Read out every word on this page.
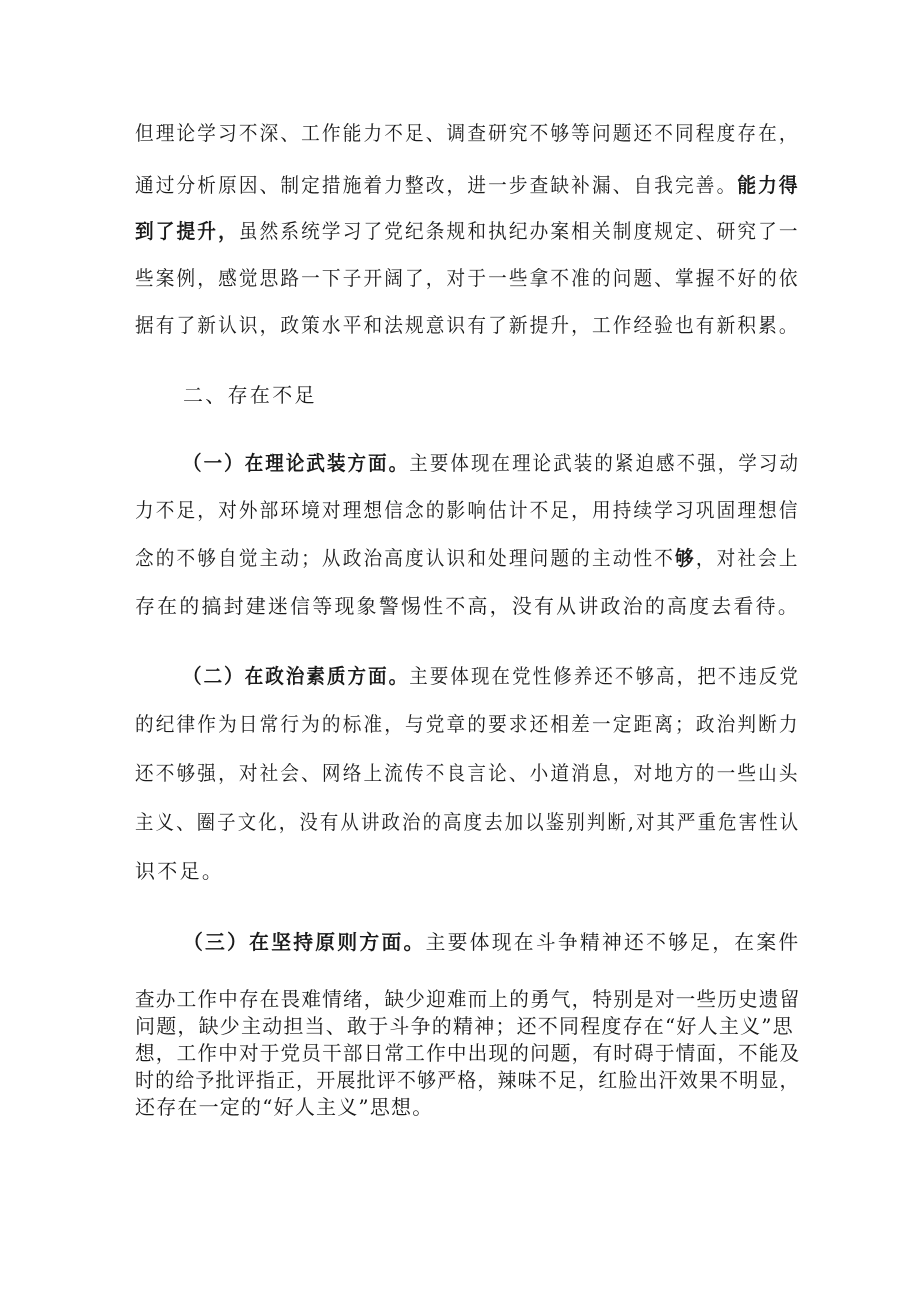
但理论学习不深、工作能力不足、调查研究不够等问题还不同程度存在，
通过分析原因、制定措施着力整改，进一步查缺补漏、自我完善。能力得
到了提升，虽然系统学习了党纪条规和执纪办案相关制度规定、研究了一
些案例，感觉思路一下子开阔了，对于一些拿不准的问题、掌握不好的依
据有了新认识，政策水平和法规意识有了新提升，工作经验也有新积累。
二、存在不足
（一）在理论武装方面。主要体现在理论武装的紧迫感不强，学习动
力不足，对外部环境对理想信念的影响估计不足，用持续学习巩固理想信
念的不够自觉主动；从政治高度认识和处理问题的主动性不够，对社会上
存在的搞封建迷信等现象警惕性不高，没有从讲政治的高度去看待。
（二）在政治素质方面。主要体现在党性修养还不够高，把不违反党
的纪律作为日常行为的标准，与党章的要求还相差一定距离；政治判断力
还不够强，对社会、网络上流传不良言论、小道消息，对地方的一些山头
主义、圈子文化，没有从讲政治的高度去加以鉴别判断,对其严重危害性认
识不足。
（三）在坚持原则方面。主要体现在斗争精神还不够足，在案件
查办工作中存在畏难情绪，缺少迎难而上的勇气，特别是对一些历史遗留
问题，缺少主动担当、敢于斗争的精神；还不同程度存在“好人主义”思
想，工作中对于党员干部日常工作中出现的问题，有时碍于情面，不能及
时的给予批评指正，开展批评不够严格，辣味不足，红脸出汗效果不明显，
还存在一定的“好人主义”思想。
